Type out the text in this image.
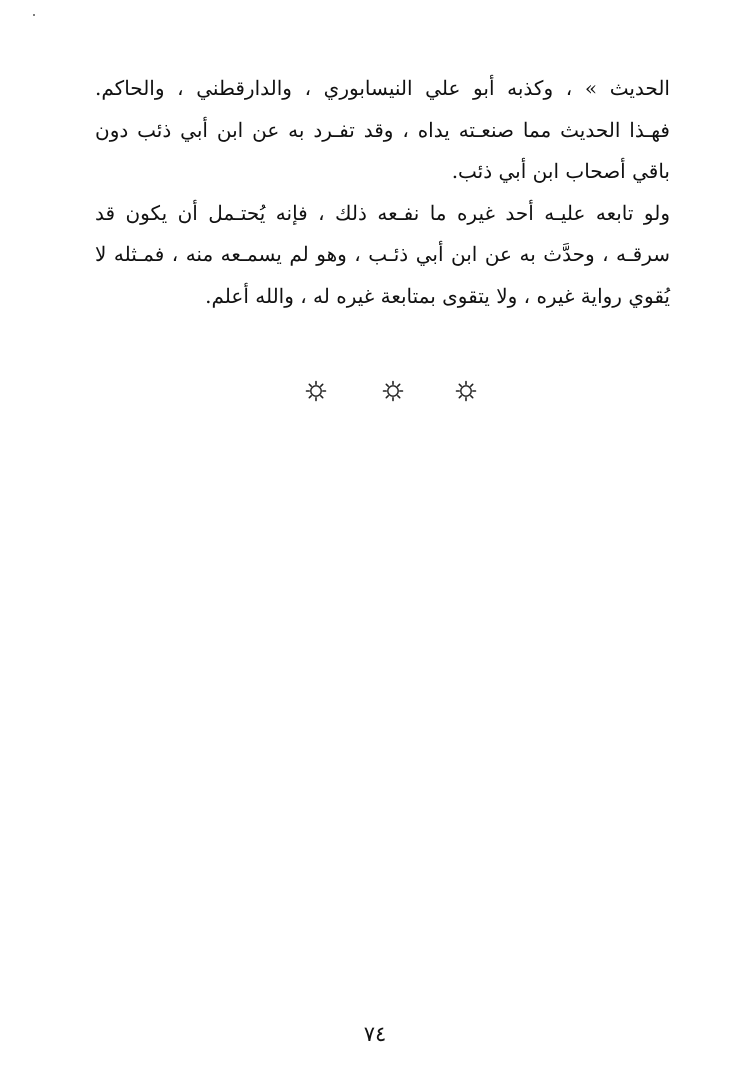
الحديث » ، وكذبه أبو علي النيسابوري ، والدارقطني ، والحاكم.
فهـذا الحديث مما صنعـته يداه ، وقد تفـرد به عن ابن أبي ذئب دون
باقي أصحاب ابن أبي ذئب.
ولو تابعه عليـه أحد غيره ما نفـعه ذلك ، فإنه يُحتـمل أن يكون قد
سرقـه ، وحدَّث به عن ابن أبي ذئـب ، وهو لم يسمـعه منه ، فمـثله لا
يُقوي رواية غيره ، ولا يتقوى بمتابعة غيره له ، والله أعلم.
٧٤
